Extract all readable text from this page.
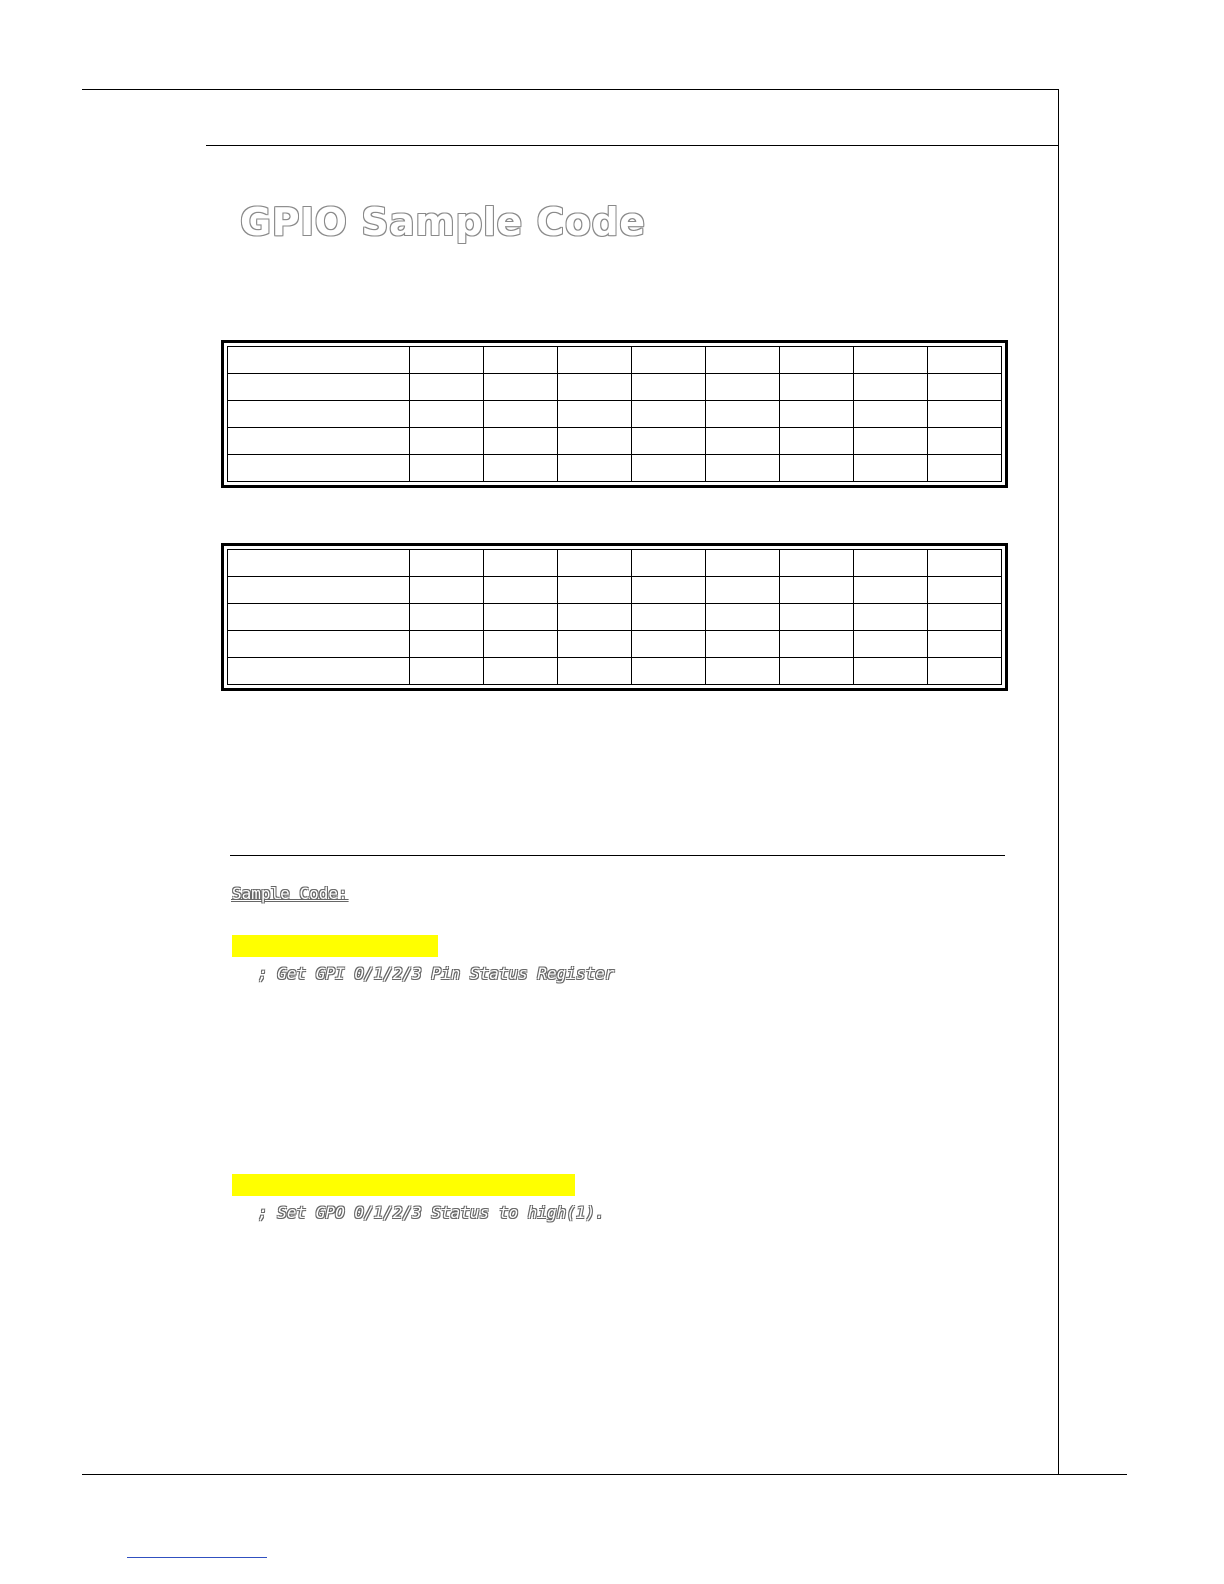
GPIO Sample Code

Sample Code:
; Get GPI 0/1/2/3 Pin Status Register
; Set GPO 0/1/2/3 Status to high(1).
